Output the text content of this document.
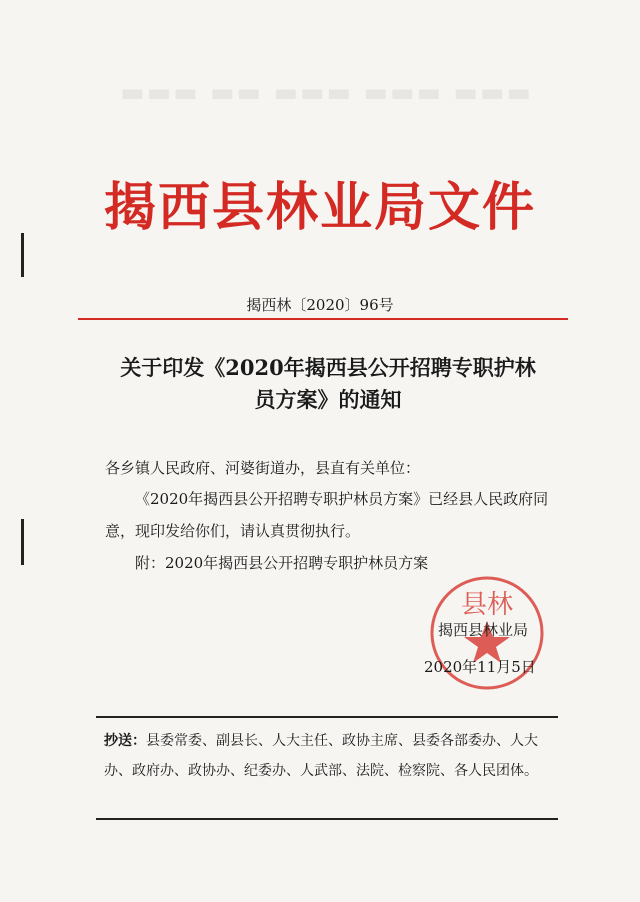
▬▬▬ ▬▬ ▬▬▬ ▬▬▬ ▬▬▬
揭西县林业局文件
揭西林〔2020〕96号
关于印发《2020年揭西县公开招聘专职护林
员方案》的通知
各乡镇人民政府、河婆街道办，县直有关单位：
《2020年揭西县公开招聘专职护林员方案》已经县人民政府同意，现印发给你们，请认真贯彻执行。
附：2020年揭西县公开招聘专职护林员方案
县林
揭西县林业局
2020年11月5日
抄送：县委常委、副县长、人大主任、政协主席、县委各部委办、人大办、政府办、政协办、纪委办、人武部、法院、检察院、各人民团体。
